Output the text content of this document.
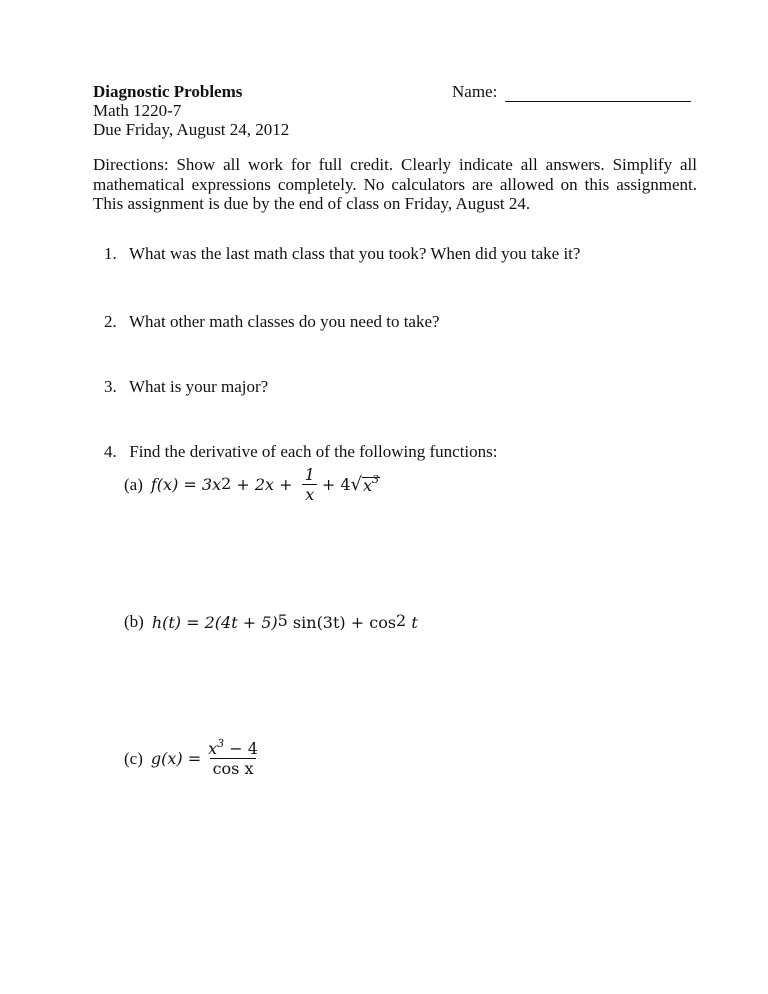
Diagnostic Problems
Math 1220-7
Due Friday, August 24, 2012
Name:
Directions: Show all work for full credit. Clearly indicate all answers. Simplify all mathematical expressions completely. No calculators are allowed on this assignment. This assignment is due by the end of class on Friday, August 24.
1. What was the last math class that you took? When did you take it?
2. What other math classes do you need to take?
3. What is your major?
4. Find the derivative of each of the following functions:
(a) $f(x) = 3x^2 + 2x + \frac{1}{x} + 4$ √ $x^3$
(b) $h(t) = 2(4t + 5)^5$ $\sin(3t) + \cos^2 t$
(c) $g(x) = \frac{x^3 - 4}{\text{cos x}}$
